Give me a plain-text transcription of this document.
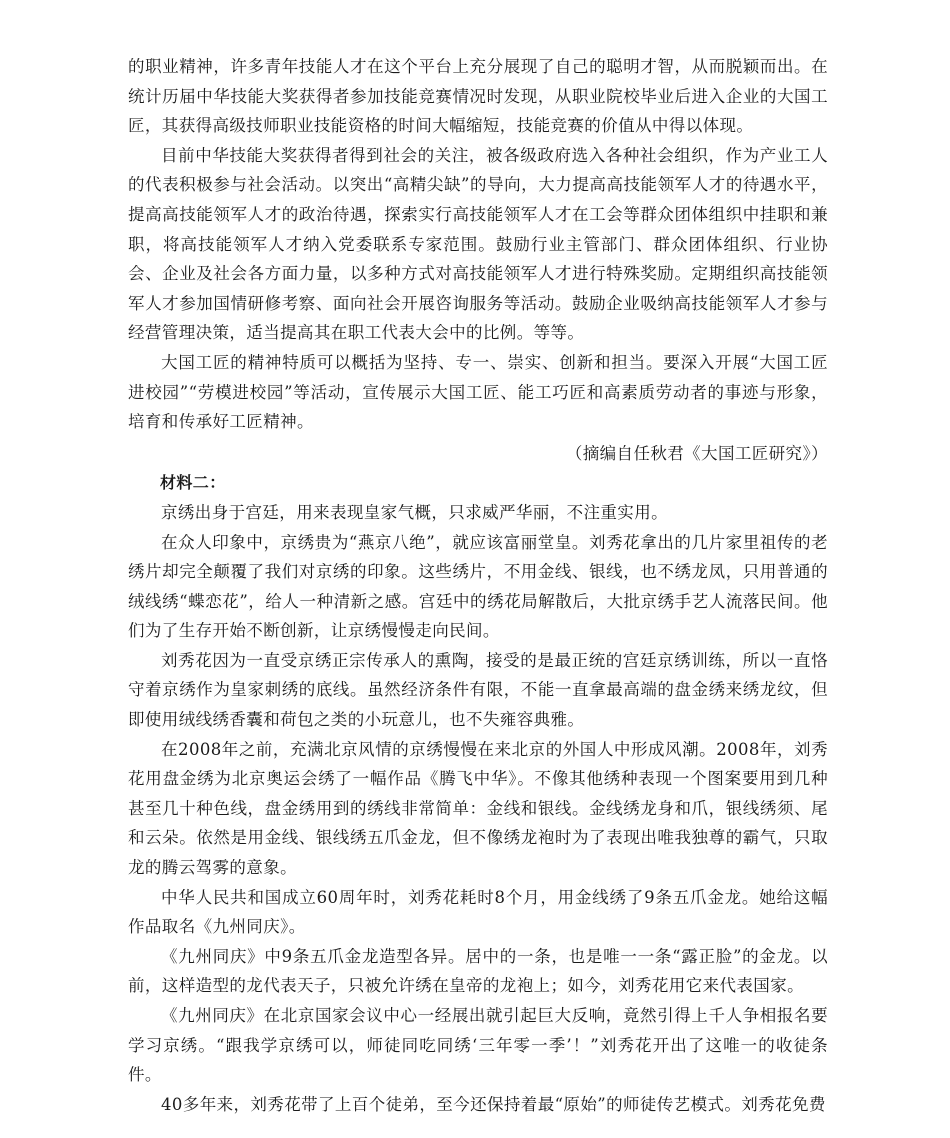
的职业精神，许多青年技能人才在这个平台上充分展现了自己的聪明才智，从而脱颖而出。在统计历届中华技能大奖获得者参加技能竞赛情况时发现，从职业院校毕业后进入企业的大国工匠，其获得高级技师职业技能资格的时间大幅缩短，技能竞赛的价值从中得以体现。

目前中华技能大奖获得者得到社会的关注，被各级政府选入各种社会组织，作为产业工人的代表积极参与社会活动。以突出“高精尖缺”的导向，大力提高高技能领军人才的待遇水平，提高高技能领军人才的政治待遇，探索实行高技能领军人才在工会等群众团体组织中挂职和兼职，将高技能领军人才纳入党委联系专家范围。鼓励行业主管部门、群众团体组织、行业协会、企业及社会各方面力量，以多种方式对高技能领军人才进行特殊奖励。定期组织高技能领军人才参加国情研修考察、面向社会开展咨询服务等活动。鼓励企业吸纳高技能领军人才参与经营管理决策，适当提高其在职工代表大会中的比例。等等。

大国工匠的精神特质可以概括为坚持、专一、崇实、创新和担当。要深入开展“大国工匠进校园”“劳模进校园”等活动，宣传展示大国工匠、能工巧匠和高素质劳动者的事迹与形象，培育和传承好工匠精神。

（摘编自任秋君《大国工匠研究》）

材料二：

京绣出身于宫廷，用来表现皇家气概，只求威严华丽，不注重实用。

在众人印象中，京绣贵为“燕京八绝”，就应该富丽堂皇。刘秀花拿出的几片家里祖传的老绣片却完全颠覆了我们对京绣的印象。这些绣片，不用金线、银线，也不绣龙凤，只用普通的绒线绣“蝶恋花”，给人一种清新之感。宫廷中的绣花局解散后，大批京绣手艺人流落民间。他们为了生存开始不断创新，让京绣慢慢走向民间。

刘秀花因为一直受京绣正宗传承人的熏陶，接受的是最正统的宫廷京绣训练，所以一直恪守着京绣作为皇家刺绣的底线。虽然经济条件有限，不能一直拿最高端的盘金绣来绣龙纹，但即使用绒线绣香囊和荷包之类的小玩意儿，也不失雍容典雅。

在2008年之前，充满北京风情的京绣慢慢在来北京的外国人中形成风潮。2008年，刘秀花用盘金绣为北京奥运会绣了一幅作品《腾飞中华》。不像其他绣种表现一个图案要用到几种甚至几十种色线，盘金绣用到的绣线非常简单：金线和银线。金线绣龙身和爪，银线绣须、尾和云朵。依然是用金线、银线绣五爪金龙，但不像绣龙袍时为了表现出唯我独尊的霸气，只取龙的腾云驾雾的意象。

中华人民共和国成立60周年时，刘秀花耗时8个月，用金线绣了9条五爪金龙。她给这幅作品取名《九州同庆》。

《九州同庆》中9条五爪金龙造型各异。居中的一条，也是唯一一条“露正脸”的金龙。以前，这样造型的龙代表天子，只被允许绣在皇帝的龙袍上；如今，刘秀花用它来代表国家。

《九州同庆》在北京国家会议中心一经展出就引起巨大反响，竟然引得上千人争相报名要学习京绣。“跟我学京绣可以，师徒同吃同绣‘三年零一季’！”刘秀花开出了这唯一的收徒条件。

40多年来，刘秀花带了上百个徒弟，至今还保持着最“原始”的师徒传艺模式。刘秀花免费
